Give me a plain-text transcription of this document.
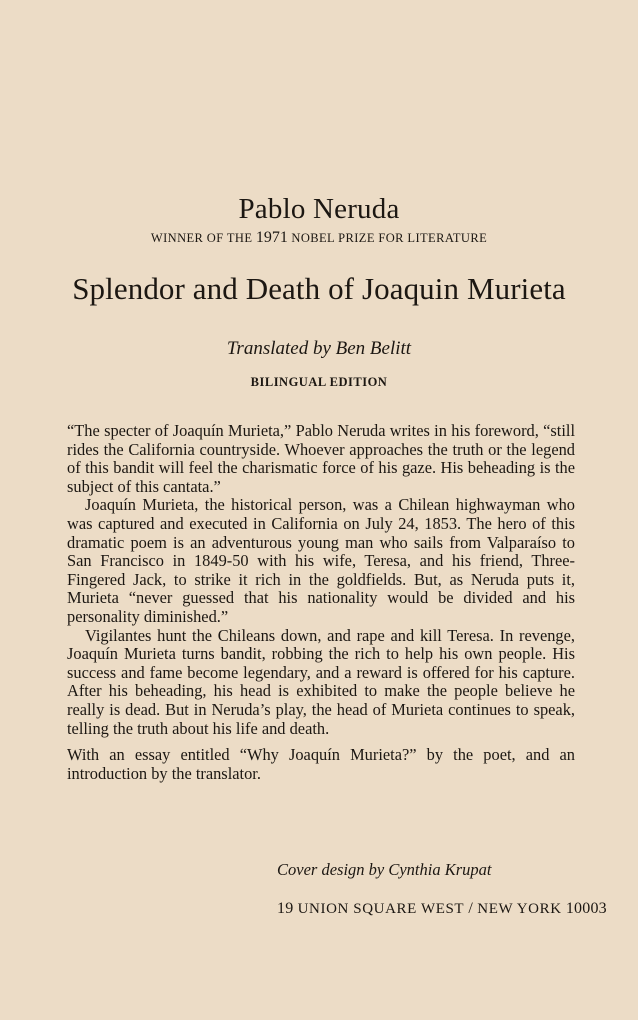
Pablo Neruda
WINNER OF THE 1971 NOBEL PRIZE FOR LITERATURE
Splendor and Death of Joaquin Murieta
Translated by Ben Belitt
BILINGUAL EDITION

“The specter of Joaquín Murieta,” Pablo Neruda writes in his foreword, “still rides the California countryside. Whoever approaches the truth or the legend of this bandit will feel the charismatic force of his gaze. His beheading is the subject of this cantata.”

Joaquín Murieta, the historical person, was a Chilean highwayman who was captured and executed in California on July 24, 1853. The hero of this dramatic poem is an adventurous young man who sails from Valparaíso to San Francisco in 1849-50 with his wife, Teresa, and his friend, Three-Fingered Jack, to strike it rich in the goldfields. But, as Neruda puts it, Murieta “never guessed that his nationality would be divided and his personality diminished.”

Vigilantes hunt the Chileans down, and rape and kill Teresa. In revenge, Joaquín Murieta turns bandit, robbing the rich to help his own people. His success and fame become legendary, and a reward is offered for his capture. After his beheading, his head is exhibited to make the people believe he really is dead. But in Neruda’s play, the head of Murieta continues to speak, telling the truth about his life and death.

With an essay entitled “Why Joaquín Murieta?” by the poet, and an introduction by the translator.

Cover design by Cynthia Krupat
19 UNION SQUARE WEST / NEW YORK 10003
